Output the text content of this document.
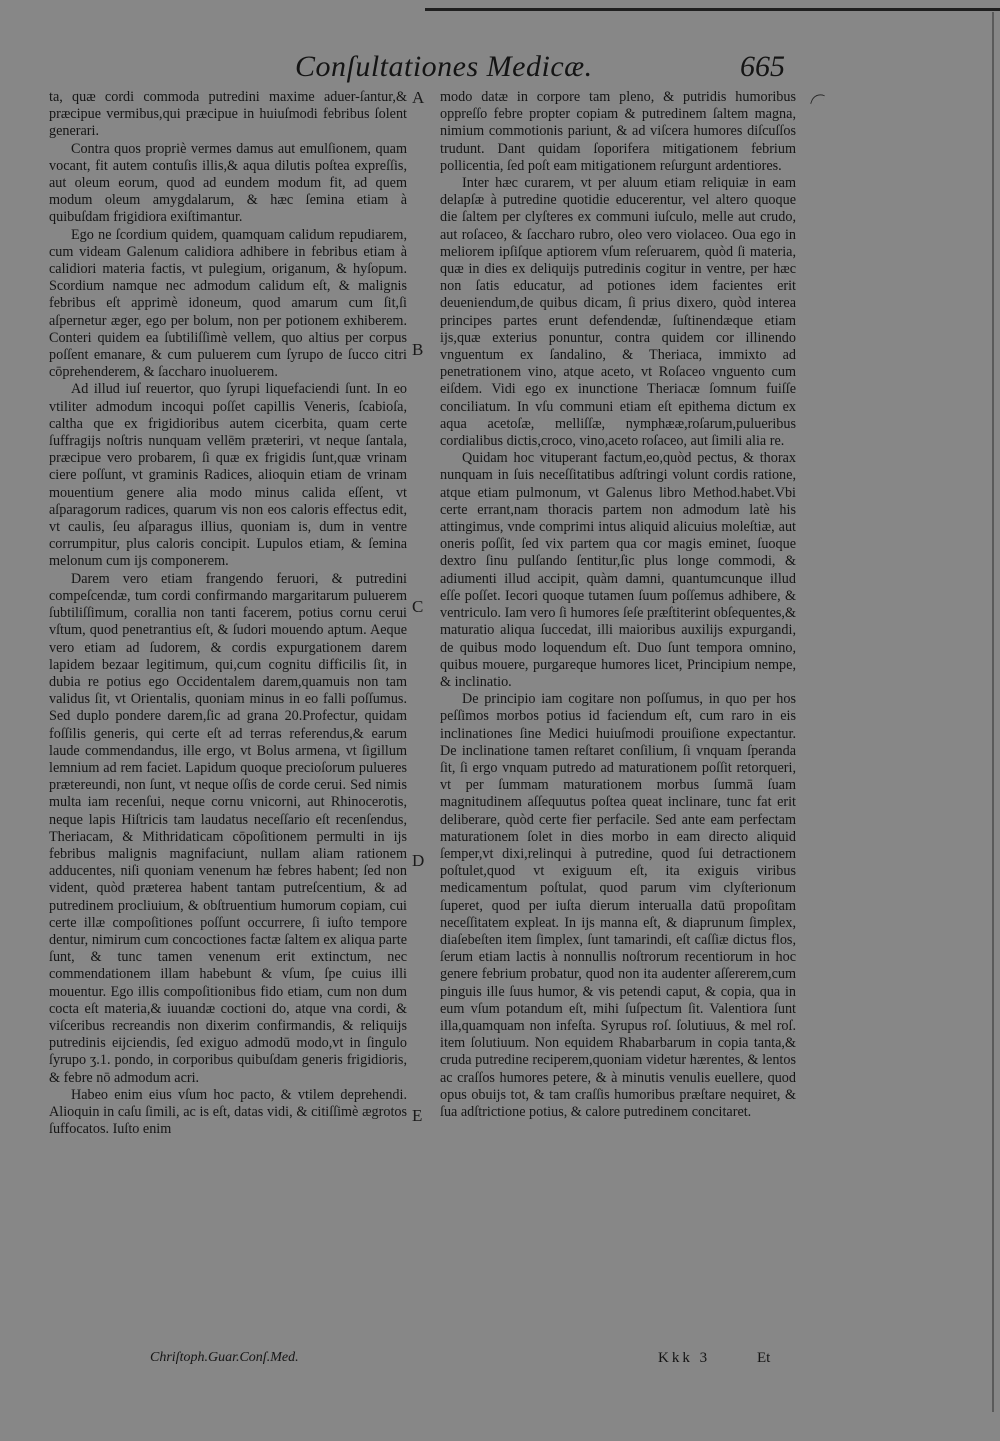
Conſultationes Medicæ.	665

ta, quæ cordi commoda putredini maxime aduer-ſantur,& præcipue vermibus,qui præcipue in huiuſmodi febribus ſolent generari.

Contra quos propriè vermes damus aut emulſionem, quam vocant, fit autem contuſis illis,& aqua dilutis poſtea expreſſis, aut oleum eorum, quod ad eundem modum fit, ad quem modum oleum amygdalarum, & hæc ſemina etiam à quibuſdam frigidiora exiſtimantur.

Ego ne ſcordium quidem, quamquam calidum repudiarem, cum videam Galenum calidiora adhibere in febribus etiam à calidiori materia factis, vt pulegium, origanum, & hyſopum. Scordium namque nec admodum calidum eſt, & malignis febribus eſt apprimè idoneum, quod amarum cum ſit,ſi aſpernetur æger, ego per bolum, non per potionem exhiberem. Conteri quidem ea ſubtiliſſimè vellem, quo altius per corpus poſſent emanare, & cum puluerem cum ſyrupo de ſucco citri cōprehenderem, & ſaccharo inuoluerem.

Ad illud iuſ reuertor, quo ſyrupi liquefaciendi ſunt. In eo vtiliter admodum incoqui poſſet capillis Veneris, ſcabioſa, caltha que ex frigidioribus autem cicerbita, quam certe ſuffragijs noſtris nunquam vellēm præteriri, vt neque ſantala, præcipue vero probarem, ſi quæ ex frigidis ſunt,quæ vrinam ciere poſſunt, vt graminis Radices, alioquin etiam de vrinam mouentium genere alia modo minus calida eſſent, vt aſparagorum radices, quarum vis non eos caloris effectus edit, vt caulis, ſeu aſparagus illius, quoniam is, dum in ventre corrumpitur, plus caloris concipit. Lupulos etiam, & ſemina melonum cum ijs componerem.

Darem vero etiam frangendo feruori, & putredini compeſcendæ, tum cordi confirmando margaritarum puluerem ſubtiliſſimum, coralliа non tanti facerem, potius cornu cerui vſtum, quod penetrantius eſt, & ſudori mouendo aptum. Aeque vero etiam ad ſudorem, & cordis expurgationem darem lapidem bezaar legitimum, qui,cum cognitu difficilis ſit, in dubia re potius ego Occidentalem darem,quamuis non tam validus ſit, vt Orientalis, quoniam minus in eo falli poſſumus. Sed duplo pondere darem,ſic ad grana 20.Profectur, quidam foſſilis generis, qui certe eſt ad terras referendus,& earum laude commendandus, ille ergo, vt Bolus armena, vt ſigillum lemnium ad rem faciet. Lapidum quoque precioſorum pulueres prætereundi, non ſunt, vt neque oſſis de corde cerui. Sed nimis multa iam recenſui, neque cornu vnicorni, aut Rhinocerotis, neque lapis Hiſtricis tam laudatus neceſſario eſt recenſendus, Theriacam, & Mithridaticam cōpoſitionem permulti in ijs febribus malignis magnifaciunt, nullam aliam rationem adducentes, niſi quoniam venenum hæ febres habent; ſed non vident, quòd præterea habent tantam putreſcentium, & ad putredinem procliuium, & obſtruentium humorum copiam, cui certe illæ compoſitiones poſſunt occurrere, ſi iuſto tempore dentur, nimirum cum concoctiones factæ ſaltem ex aliqua parte ſunt, & tunc tamen venenum erit extinctum, nec commendationem illam habebunt & vſum, ſpe cuius illi mouentur. Ego illis compoſitionibus fido etiam, cum non dum cocta eſt materia,& iuuandæ coctioni do, atque vna cordi, & viſceribus recreandis non dixerim confirmandis, & reliquijs putredinis eijciendis, ſed exiguo admodū modo,vt in ſingulo ſyrupo ʒ.1. pondo, in corporibus quibuſdam generis frigidioris, & febre nō admodum acri.

Habeo enim eius vſum hoc pacto, & vtilem deprehendi. Alioquin in caſu ſimili, ac is eſt, datas vidi, & citiſſimè ægrotos ſuffocatos. Iuſto enim

modo datæ in corpore tam pleno, & putridis humoribus oppreſſo febre propter copiam & putredinem ſaltem magna, nimium commotionis pariunt, & ad viſcera humores diſcuſſos trudunt. Dant quidam ſoporifera mitigationem febrium pollicentia, ſed poſt eam mitigationem reſurgunt ardentiores.

Inter hæc curarem, vt per aluum etiam reliquiæ in eam delapſæ à putredine quotidie educerentur, vel altero quoque die ſaltem per clyſteres ex communi iuſculo, melle aut crudo, aut roſaceo, & ſaccharo rubro, oleo vero violaceo. Oua ego in meliorem ipſiſque aptiorem vſum reſeruarem, quòd ſi materia, quæ in dies ex deliquijs putredinis cogitur in ventre, per hæc non ſatis educatur, ad potiones idem facientes erit deueniendum,de quibus dicam, ſi prius dixero, quòd interea principes partes erunt defendendæ, ſuſtinendæque etiam ijs,quæ exterius ponuntur, contra quidem cor illinendo vnguentum ex ſandalino, & Theriaca, immixto ad penetrationem vino, atque aceto, vt Roſaceo vnguento cum eiſdem. Vidi ego ex inunctione Theriacæ ſomnum fuiſſe conciliatum. In vſu communi etiam eſt epithema dictum ex aqua acetoſæ, melliſſæ, nymphææ,roſarum,pulueribus cordialibus dictis,croco, vino,aceto roſaceo, aut ſimili alia re.

Quidam hoc vituperant factum,eo,quòd pectus, & thorax nunquam in ſuis neceſſitatibus adſtringi volunt cordis ratione, atque etiam pulmonum, vt Galenus libro Method.habet.Vbi certe errant,nam thoracis partem non admodum latè his attingimus, vnde comprimi intus aliquid alicuius moleſtiæ, aut oneris poſſit, ſed vix partem qua cor magis eminet, ſuoque dextro ſinu pulſando ſentitur,ſic plus longe commodi, & adiumenti illud accipit, quàm damni, quantumcunque illud eſſe poſſet. Iecori quoque tutamen ſuum poſſemus adhibere, & ventriculo. Iam vero ſi humores ſeſe præſtiterint obſequentes,& maturatio aliqua ſuccedat, illi maioribus auxilijs expurgandi, de quibus modo loquendum eſt. Duo ſunt tempora omnino, quibus mouere, purgareque humores licet, Principium nempe, & inclinatio.

De principio iam cogitare non poſſumus, in quo per hos peſſimos morbos potius id faciendum eſt, cum raro in eis inclinationes ſine Medici huiuſmodi prouiſione expectantur. De inclinatione tamen reſtaret conſilium, ſi vnquam ſperanda ſit, ſi ergo vnquam putredo ad maturationem poſſit retorqueri, vt per ſummam maturationem morbus ſummā ſuam magnitudinem aſſequutus poſtea queat inclinare, tunc fat erit deliberare, quòd certe fier perfacile. Sed ante eam perfectam maturationem ſolet in dies morbo in eam directo aliquid ſemper,vt dixi,relinqui à putredine, quod ſui detractionem poſtulet,quod vt exiguum eſt, ita exiguis viribus medicamentum poſtulat, quod parum vim clyſterionum ſuperet, quod per iuſta dierum interualla datū propoſitam neceſſitatem expleat. In ijs manna eſt, & diaprunum ſimplex, diaſebeſten item ſimplex, ſunt tamarindi, eſt caſſiæ dictus flos, ſerum etiam lactis à nonnullis noſtrorum recentiorum in hoc genere febrium probatur, quod non ita audenter aſſererem,cum pinguis ille ſuus humor, & vis petendi caput, & copia, qua in eum vſum potandum eſt, mihi ſuſpectum ſit. Valentiora ſunt illa,quamquam non infeſta. Syrupus roſ. ſolutiuus, & mel roſ. item ſolutiuum. Non equidem Rhabarbarum in copia tanta,& cruda putredine reciperem,quoniam videtur hærentes, & lentos ac craſſos humores petere, & à minutis venulis euellere, quod opus obuijs tot, & tam craſſis humoribus præſtare nequiret, & ſua adſtrictione potius, & calore putredinem concitaret.

A
B
C
D
E
Chriſtoph.Guar.Conſ.Med.	Kkk 3	Et
